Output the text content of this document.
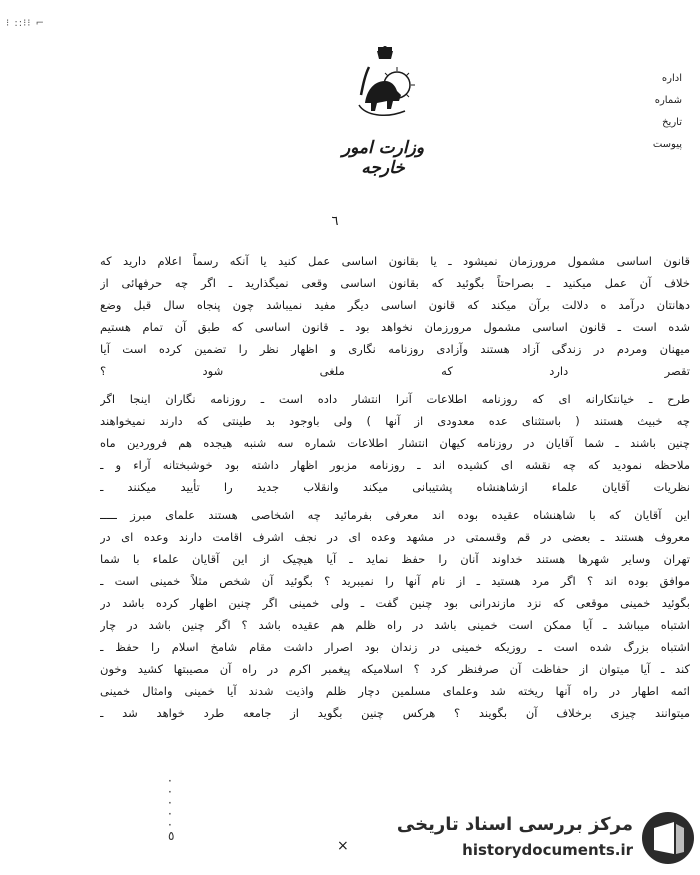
⁝ ::⁝⁝ ⌐
وزارت امور خارجه
اداره
شماره
تاریخ
پیوست
٦
قانون اساسی مشمول مرورزمان نمیشود ـ یا بقانون اساسی عمل کنید یا آنکه رسماً اعلام دارید که
خلاف آن عمل میکنید ـ بصراحتاً بگوئید که بقانون اساسی وقعی نمیگذارید ـ اگر چه حرفهائی از
دهانتان درآمد ه دلالت برآن میکند که قانون اساسی دیگر مفید نمیباشد چون پنجاه سال قبل وضع
شده است ـ قانون اساسی مشمول مرورزمان نخواهد بود ـ قانون اساسی که طبق آن تمام هستیم
میهنان ومردم در زندگی آزاد هستند وآزادی روزنامه نگاری و اظهار نظر را تضمین کرده است آیا
تقصر دارد که ملغی شود ؟
طرح ـ خیانتکارانه ای که روزنامه اطلاعات آنرا انتشار داده است ـ روزنامه نگاران اینجا اگر
چه خبیث هستند ( باستثنای عده معدودی از آنها ) ولی باوجود بد طینتی که دارند نمیخواهند
چنین باشند ـ شما آقایان در روزنامه کیهان انتشار اطلاعات شماره سه شنبه هیجده هم فروردین ماه
ملاحظه نمودید که چه نقشه ای کشیده اند ـ روزنامه مزبور اظهار داشته بود خوشبختانه آراء و ـ
نظریات آقایان علماء ازشاهنشاه پشتیبانی میکند وانقلاب جدید را تأیید میکنند ـ
این آقایان که با شاهنشاه عقیده بوده اند معرفی بفرمائید چه اشخاصی هستند علمای مبرز ـــــ
معروف هستند ـ بعضی در قم وقسمتی در مشهد وعده ای در نجف اشرف اقامت دارند وعده ای در
تهران وسایر شهرها هستند خداوند آنان را حفظ نماید ـ آیا هیچیک از این آقایان علماء با شما
موافق بوده اند ؟ اگر مرد هستید ـ از نام آنها را نمیبرید ؟ بگوئید آن شخص مثلاً خمینی است ـ
بگوئید خمینی موقعی که نزد مازندرانی بود چنین گفت ـ ولی خمینی اگر چنین اظهار کرده باشد در
اشتباه میباشد ـ آیا ممکن است خمینی باشد در راه ظلم هم عقیده باشد ؟ اگر چنین باشد در چار
اشتباه بزرگ شده است ـ روزیکه خمینی در زندان بود اصرار داشت مقام شامخ اسلام را حفظ ـ
کند ـ آیا میتوان از حفاظت آن صرفنظر کرد ؟ اسلامیکه پیغمبر اکرم در راه آن مصیبتها کشید وخون
ائمه اطهار در راه آنها ریخته شد وعلمای مسلمین دچار ظلم واذیت شدند آیا خمینی وامثال خمینی
میتوانند چیزی برخلاف آن بگویند ؟ هرکس چنین بگوید از جامعه طرد خواهد شد ـ
·
·
·
·
·
٥
×
مرکز بررسی اسناد تاریخی
historydocuments.ir
